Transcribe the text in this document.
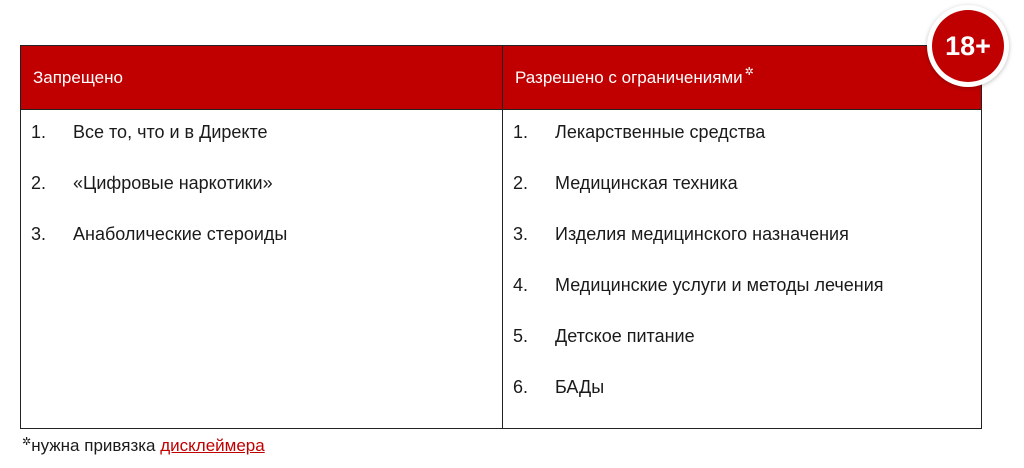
Запрещено	Разрешено с ограничениями✲
1.	Все то, что и в Директе
2.	«Цифровые наркотики»
3.	Анаболические стероиды
1.	Лекарственные средства
2.	Медицинская техника
3.	Изделия медицинского назначения
4.	Медицинские услуги и методы лечения
5.	Детское питание
6.	БАДы
18+
✲нужна привязка дисклеймера
